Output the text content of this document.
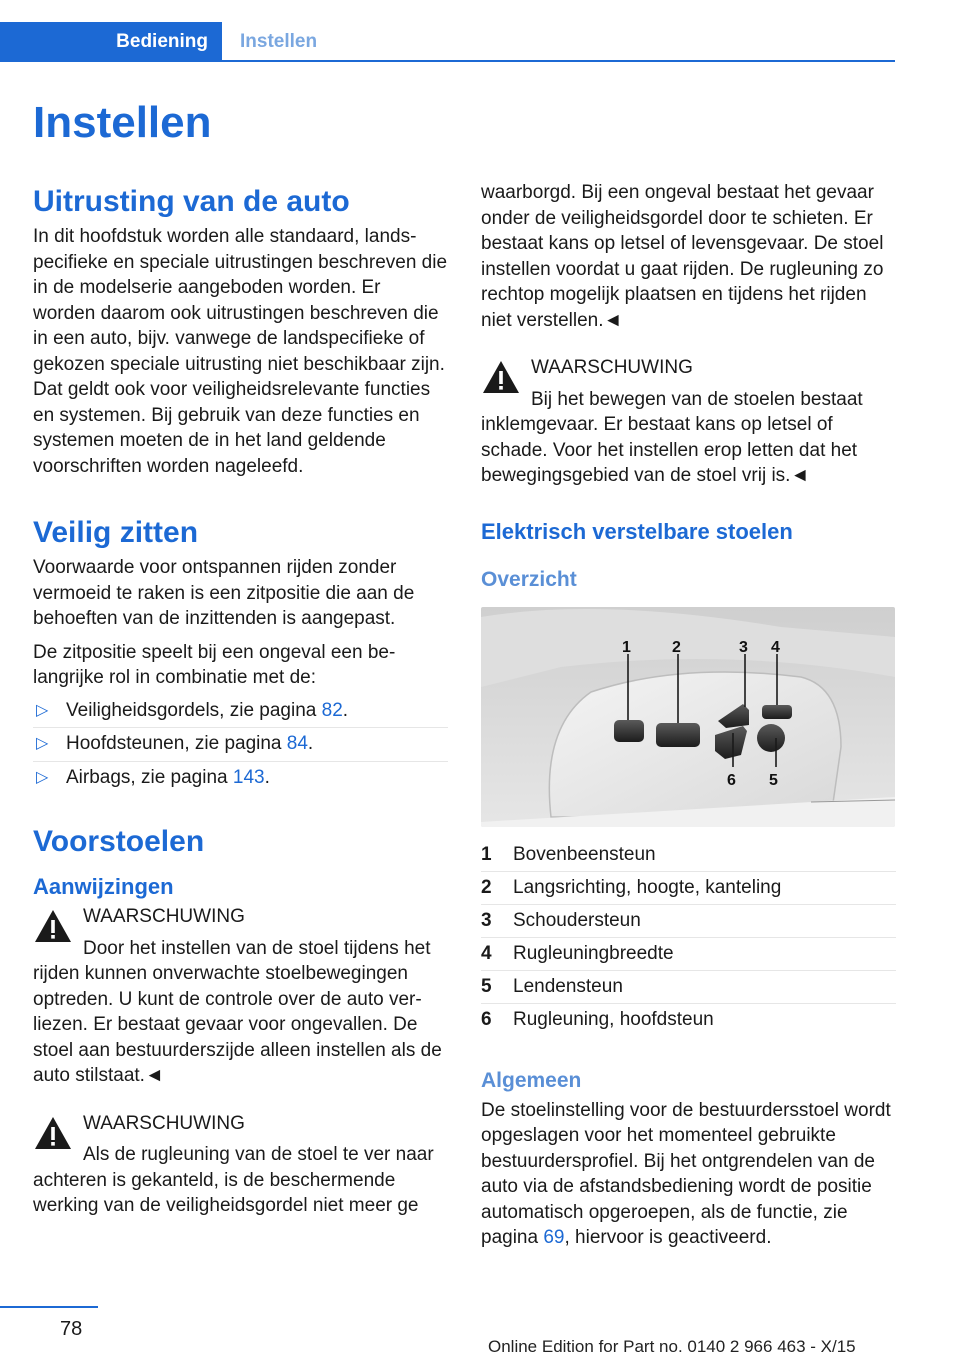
Bediening	Instellen
Instellen
Uitrusting van de auto

In dit hoofdstuk worden alle standaard, landspecifieke en speciale uitrustingen beschreven die in de modelserie aangeboden worden. Er worden daarom ook uitrustingen beschreven die in een auto, bijv. vanwege de landspecifieke of gekozen speciale uitrusting niet beschikbaar zijn. Dat geldt ook voor veiligheidsrelevante functies en systemen. Bij gebruik van deze functies en systemen moeten de in het land geldende voorschriften worden nageleefd.

Veilig zitten

Voorwaarde voor ontspannen rijden zonder vermoeid te raken is een zitpositie die aan de behoeften van de inzittenden is aangepast.

De zitpositie speelt bij een ongeval een belangrijke rol in combinatie met de:

▷ Veiligheidsgordels, zie pagina 82.
▷ Hoofdsteunen, zie pagina 84.
▷ Airbags, zie pagina 143.
Voorstoelen
Aanwijzingen
WAARSCHUWING
Door het instellen van de stoel tijdens het rijden kunnen onverwachte stoelbewegingen optreden. U kunt de controle over de auto verliezen. Er bestaat gevaar voor ongevallen. De stoel aan bestuurderszijde alleen instellen als de auto stilstaat.◄
WAARSCHUWING
Als de rugleuning van de stoel te ver naar achteren is gekanteld, is de beschermende werking van de veiligheidsgordel niet meer ge

waarborgd. Bij een ongeval bestaat het gevaar onder de veiligheidsgordel door te schieten. Er bestaat kans op letsel of levensgevaar. De stoel instellen voordat u gaat rijden. De rugleuning zo rechtop mogelijk plaatsen en tijdens het rijden niet verstellen.◄

WAARSCHUWING
Bij het bewegen van de stoelen bestaat inklemgevaar. Er bestaat kans op letsel of schade. Voor het instellen erop letten dat het bewegingsgebied van de stoel vrij is.◄
Elektrisch verstelbare stoelen
Overzicht
1	2	3 4
5
6
1	Bovenbeensteun
2	Langsrichting, hoogte, kanteling
3	Schoudersteun
4	Rugleuningbreedte
5	Lendensteun
6	Rugleuning, hoofdsteun
Algemeen

De stoelinstelling voor de bestuurdersstoel wordt opgeslagen voor het momenteel gebruikte bestuurdersprofiel. Bij het ontgrendelen van de auto via de afstandsbediening wordt de positie automatisch opgeroepen, als de functie, zie pagina 69, hiervoor is geactiveerd.

78
Online Edition for Part no. 0140 2 966 463 - X/15
